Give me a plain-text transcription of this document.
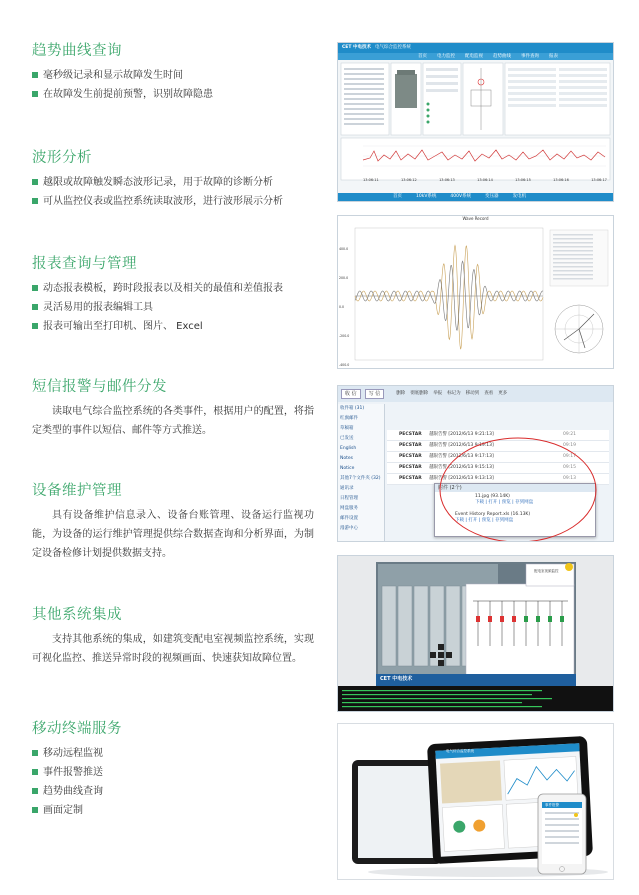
趋势曲线查询
毫秒级记录和显示故障发生时间
在故障发生前提前预警，识别故障隐患
波形分析
越限或故障触发瞬态波形记录，用于故障的诊断分析
可从监控仪表或监控系统读取波形，进行波形展示分析
报表查询与管理
动态报表模板，跨时段报表以及相关的最值和差值报表
灵活易用的报表编辑工具
报表可输出至打印机、图片、 Excel
短信报警与邮件分发

读取电气综合监控系统的各类事件，根据用户的配置，将指定类型的事件以短信、邮件等方式推送。

设备维护管理

具有设备维护信息录入、设备台账管理、设备运行监视功能，为设备的运行维护管理提供综合数据查询和分析界面，为制定设备检修计划提供数据支持。

其他系统集成

支持其他系统的集成，如建筑变配电室视频监控系统，实现可视化监控、推送异常时段的视频画面、快速获知故障位置。

移动终端服务
移动远程监视
事件报警推送
趋势曲线查询
画面定制
CET 中电技术 电气综合监控系统
首页 电力监控 配电监视 趋势曲线 事件查询 报表
13:06:11	13:06:12	13:06:13	13:06:14	13:06:15	13:06:16	13:06:17
首页	10kV系统	400V系统	变压器	发电机
Wave Record
400.0
200.0
0.0
-200.0
-400.0
收 信	写 信	删除 彻底删除 举报 标记为 移动到 查看 更多
收件箱 (31)
红旗邮件
草稿箱
已发送
English
Notes
Notice
其他7个文件夹 (32)
通讯录
日程管理
网盘服务
邮件设置
漫游中心
PECSTAR	越限告警 [2012/6/13 9:21:13]	09:21
PECSTAR	越限告警 [2012/6/13 9:19:13]	09:19
PECSTAR	越限告警 [2012/6/13 9:17:13]	09:17
PECSTAR	越限告警 [2012/6/13 9:15:13]	09:15
PECSTAR	越限告警 [2012/6/13 9:13:13]	09:13
附件 (2个)
11.jpg (93.14K)
下载 | 打开 | 预览 | 存到网盘
Event History Report.xls (16.13K)
下载 | 打开 | 预览 | 存到网盘
配电室视频监控
CET 中电技术
电气综合监控系统
事件报警
